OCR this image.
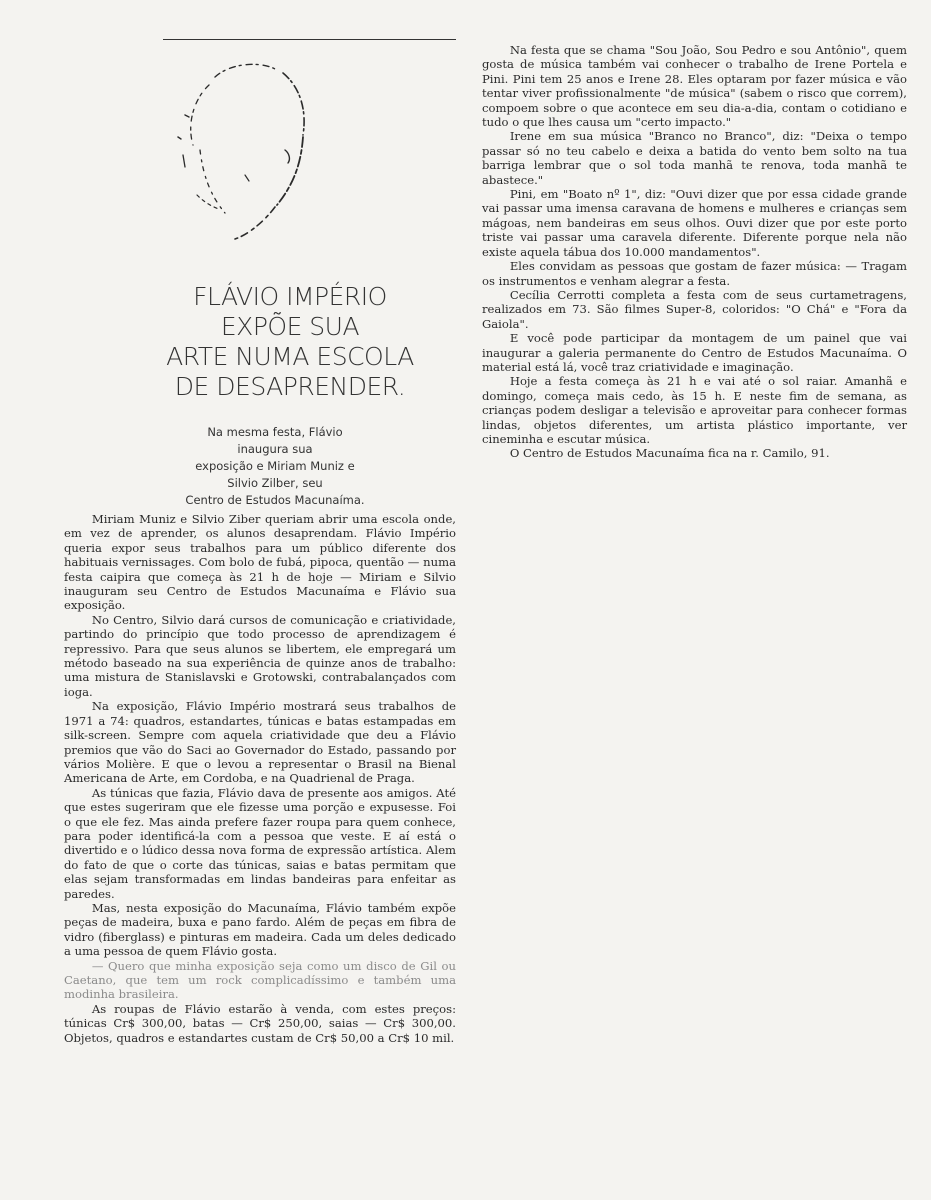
FLÁVIO IMPÉRIO
EXPÕE SUA
ARTE NUMA ESCOLA
DE DESAPRENDER.
Na mesma festa, Flávio
inaugura sua
exposição e Miriam Muniz e
Silvio Zilber, seu
Centro de Estudos Macunaíma.

Miriam Muniz e Silvio Ziber queriam abrir uma escola onde, em vez de aprender, os alunos desaprendam. Flávio Império queria expor seus trabalhos para um público diferente dos habituais vernissages. Com bolo de fubá, pipoca, quentão — numa festa caipira que começa às 21 h de hoje — Miriam e Silvio inauguram seu Centro de Estudos Macunaíma e Flávio sua exposição.

No Centro, Silvio dará cursos de comunicação e criatividade, partindo do princípio que todo processo de aprendizagem é repressivo. Para que seus alunos se libertem, ele empregará um método baseado na sua experiência de quinze anos de trabalho: uma mistura de Stanislavski e Grotowski, contrabalançados com ioga.

Na exposição, Flávio Império mostrará seus trabalhos de 1971 a 74: quadros, estandartes, túnicas e batas estampadas em silk-screen. Sempre com aquela criatividade que deu a Flávio premios que vão do Saci ao Governador do Estado, passando por vários Molière. E que o levou a representar o Brasil na Bienal Americana de Arte, em Cordoba, e na Quadrienal de Praga.

As túnicas que fazia, Flávio dava de presente aos amigos. Até que estes sugeriram que ele fizesse uma porção e expusesse. Foi o que ele fez. Mas ainda prefere fazer roupa para quem conhece, para poder identificá-la com a pessoa que veste. E aí está o divertido e o lúdico dessa nova forma de expressão artística. Alem do fato de que o corte das túnicas, saias e batas permitam que elas sejam transformadas em lindas bandeiras para enfeitar as paredes.

Mas, nesta exposição do Macunaíma, Flávio também expõe peças de madeira, buxa e pano fardo. Além de peças em fibra de vidro (fiberglass) e pinturas em madeira. Cada um deles dedicado a uma pessoa de quem Flávio gosta.

— Quero que minha exposição seja como um disco de Gil ou Caetano, que tem um rock complicadíssimo e também uma modinha brasileira.

As roupas de Flávio estarão à venda, com estes preços: túnicas Cr$ 300,00, batas — Cr$ 250,00, saias — Cr$ 300,00. Objetos, quadros e estandartes custam de Cr$ 50,00 a Cr$ 10 mil.

Na festa que se chama "Sou João, Sou Pedro e sou Antônio", quem gosta de música também vai conhecer o trabalho de Irene Portela e Pini. Pini tem 25 anos e Irene 28. Eles optaram por fazer música e vão tentar viver profissionalmente "de música" (sabem o risco que correm), compoem sobre o que acontece em seu dia-a-dia, contam o cotidiano e tudo o que lhes causa um "certo impacto."

Irene em sua música "Branco no Branco", diz: "Deixa o tempo passar só no teu cabelo e deixa a batida do vento bem solto na tua barriga lembrar que o sol toda manhã te renova, toda manhã te abastece."

Pini, em "Boato nº 1", diz: "Ouvi dizer que por essa cidade grande vai passar uma imensa caravana de homens e mulheres e crianças sem mágoas, nem bandeiras em seus olhos. Ouvi dizer que por este porto triste vai passar uma caravela diferente. Diferente porque nela não existe aquela tábua dos 10.000 mandamentos".

Eles convidam as pessoas que gostam de fazer música: — Tragam os instrumentos e venham alegrar a festa.

Cecília Cerrotti completa a festa com de seus curtametragens, realizados em 73. São filmes Super-8, coloridos: "O Chá" e "Fora da Gaiola".

E você pode participar da montagem de um painel que vai inaugurar a galeria permanente do Centro de Estudos Macunaíma. O material está lá, você traz criatividade e imaginação.

Hoje a festa começa às 21 h e vai até o sol raiar. Amanhã e domingo, começa mais cedo, às 15 h. E neste fim de semana, as crianças podem desligar a televisão e aproveitar para conhecer formas lindas, objetos diferentes, um artista plástico importante, ver cineminha e escutar música.

O Centro de Estudos Macunaíma fica na r. Camilo, 91.
